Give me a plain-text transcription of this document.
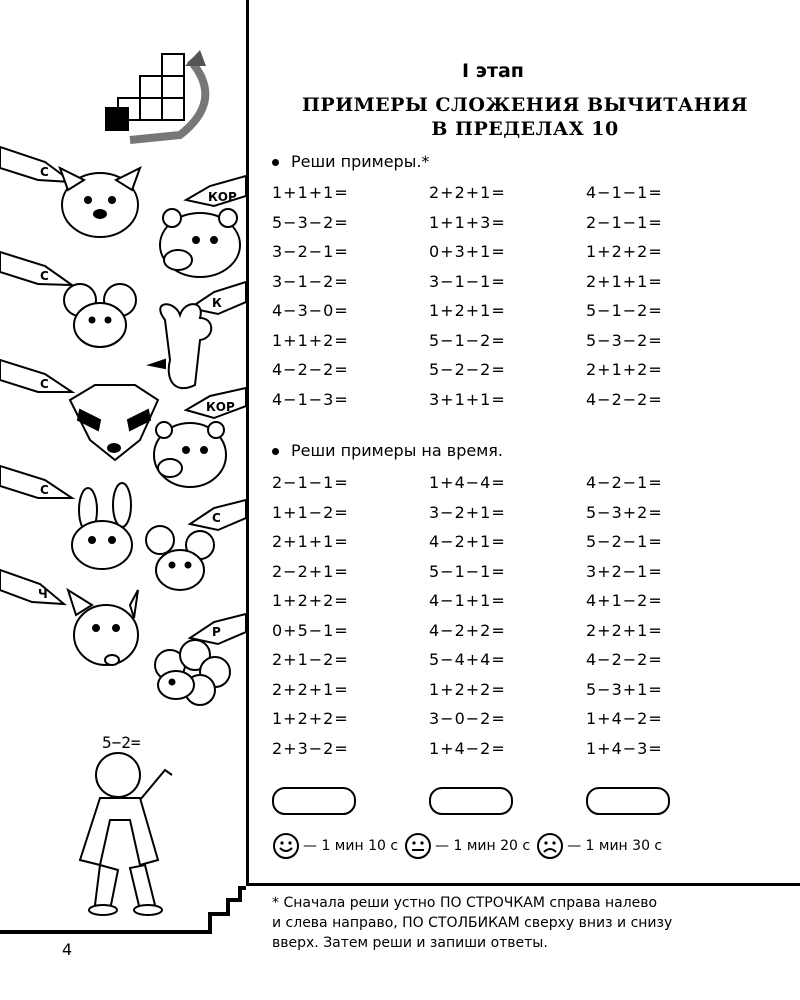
С
С
С
С
Ч
КОР
К
КОР
С
Р
5−2=
I этап
ПРИМЕРЫ СЛОЖЕНИЯ ВЫЧИТАНИЯ
В ПРЕДЕЛАХ 10
Реши примеры.*
1+1+1=	2+2+1=	4−1−1=
5−3−2=	1+1+3=	2−1−1=
3−2−1=	0+3+1=	1+2+2=
3−1−2=	3−1−1=	2+1+1=
4−3−0=	1+2+1=	5−1−2=
1+1+2=	5−1−2=	5−3−2=
4−2−2=	5−2−2=	2+1+2=
4−1−3=	3+1+1=	4−2−2=
Реши примеры на время.
2−1−1=	1+4−4=	4−2−1=
1+1−2=	3−2+1=	5−3+2=
2+1+1=	4−2+1=	5−2−1=
2−2+1=	5−1−1=	3+2−1=
1+2+2=	4−1+1=	4+1−2=
0+5−1=	4−2+2=	2+2+1=
2+1−2=	5−4+4=	4−2−2=
2+2+1=	1+2+2=	5−3+1=
1+2+2=	3−0−2=	1+4−2=
2+3−2=	1+4−2=	1+4−3=
— 1 мин 10 с	— 1 мин 20 с	— 1 мин 30 с
* Сначала реши устно ПО СТРОЧКАМ справа налево
и слева направо, ПО СТОЛБИКАМ сверху вниз и снизу
вверх. Затем реши и запиши ответы.
4
